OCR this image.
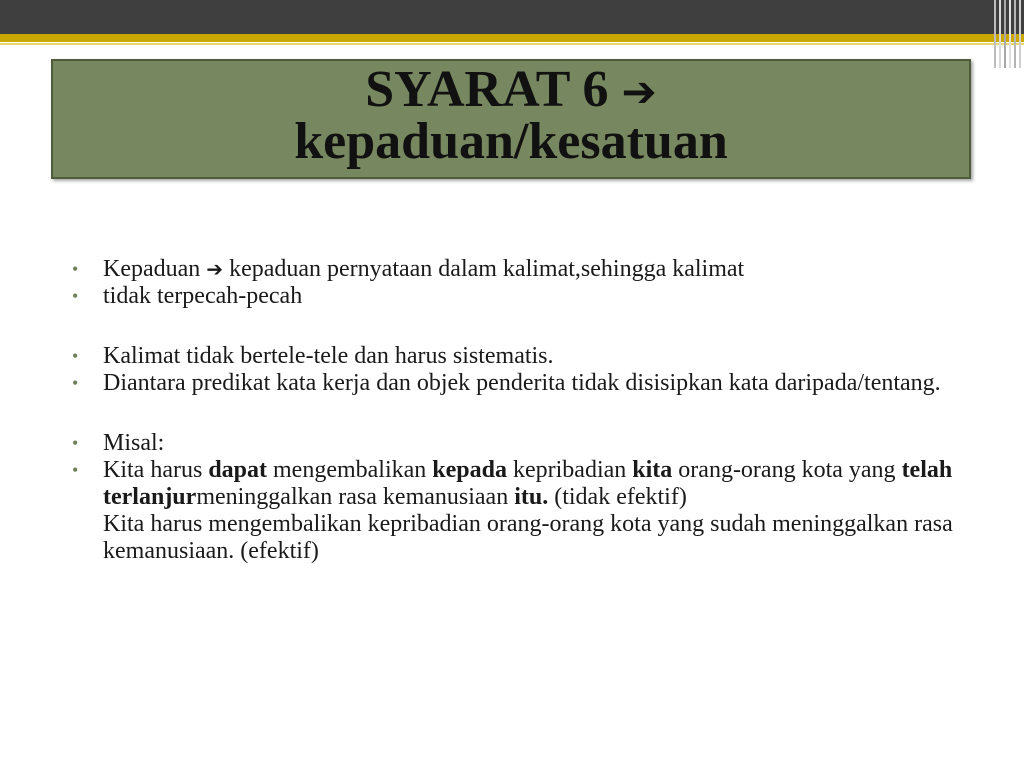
SYARAT 6 ➔
kepaduan/kesatuan

• Kepaduan ➔ kepaduan pernyataan dalam kalimat,sehingga kalimat

• tidak terpecah-pecah

• Kalimat tidak bertele-tele dan harus sistematis.

• Diantara predikat kata kerja dan objek penderita tidak disisipkan kata daripada/tentang.

• Misal:

• Kita harus dapat mengembalikan kepada kepribadian kita orang-orang kota yang telah terlanjurmeninggalkan rasa kemanusiaan itu. (tidak efektif)
Kita harus mengembalikan kepribadian orang-orang kota yang sudah meninggalkan rasa kemanusiaan. (efektif)
